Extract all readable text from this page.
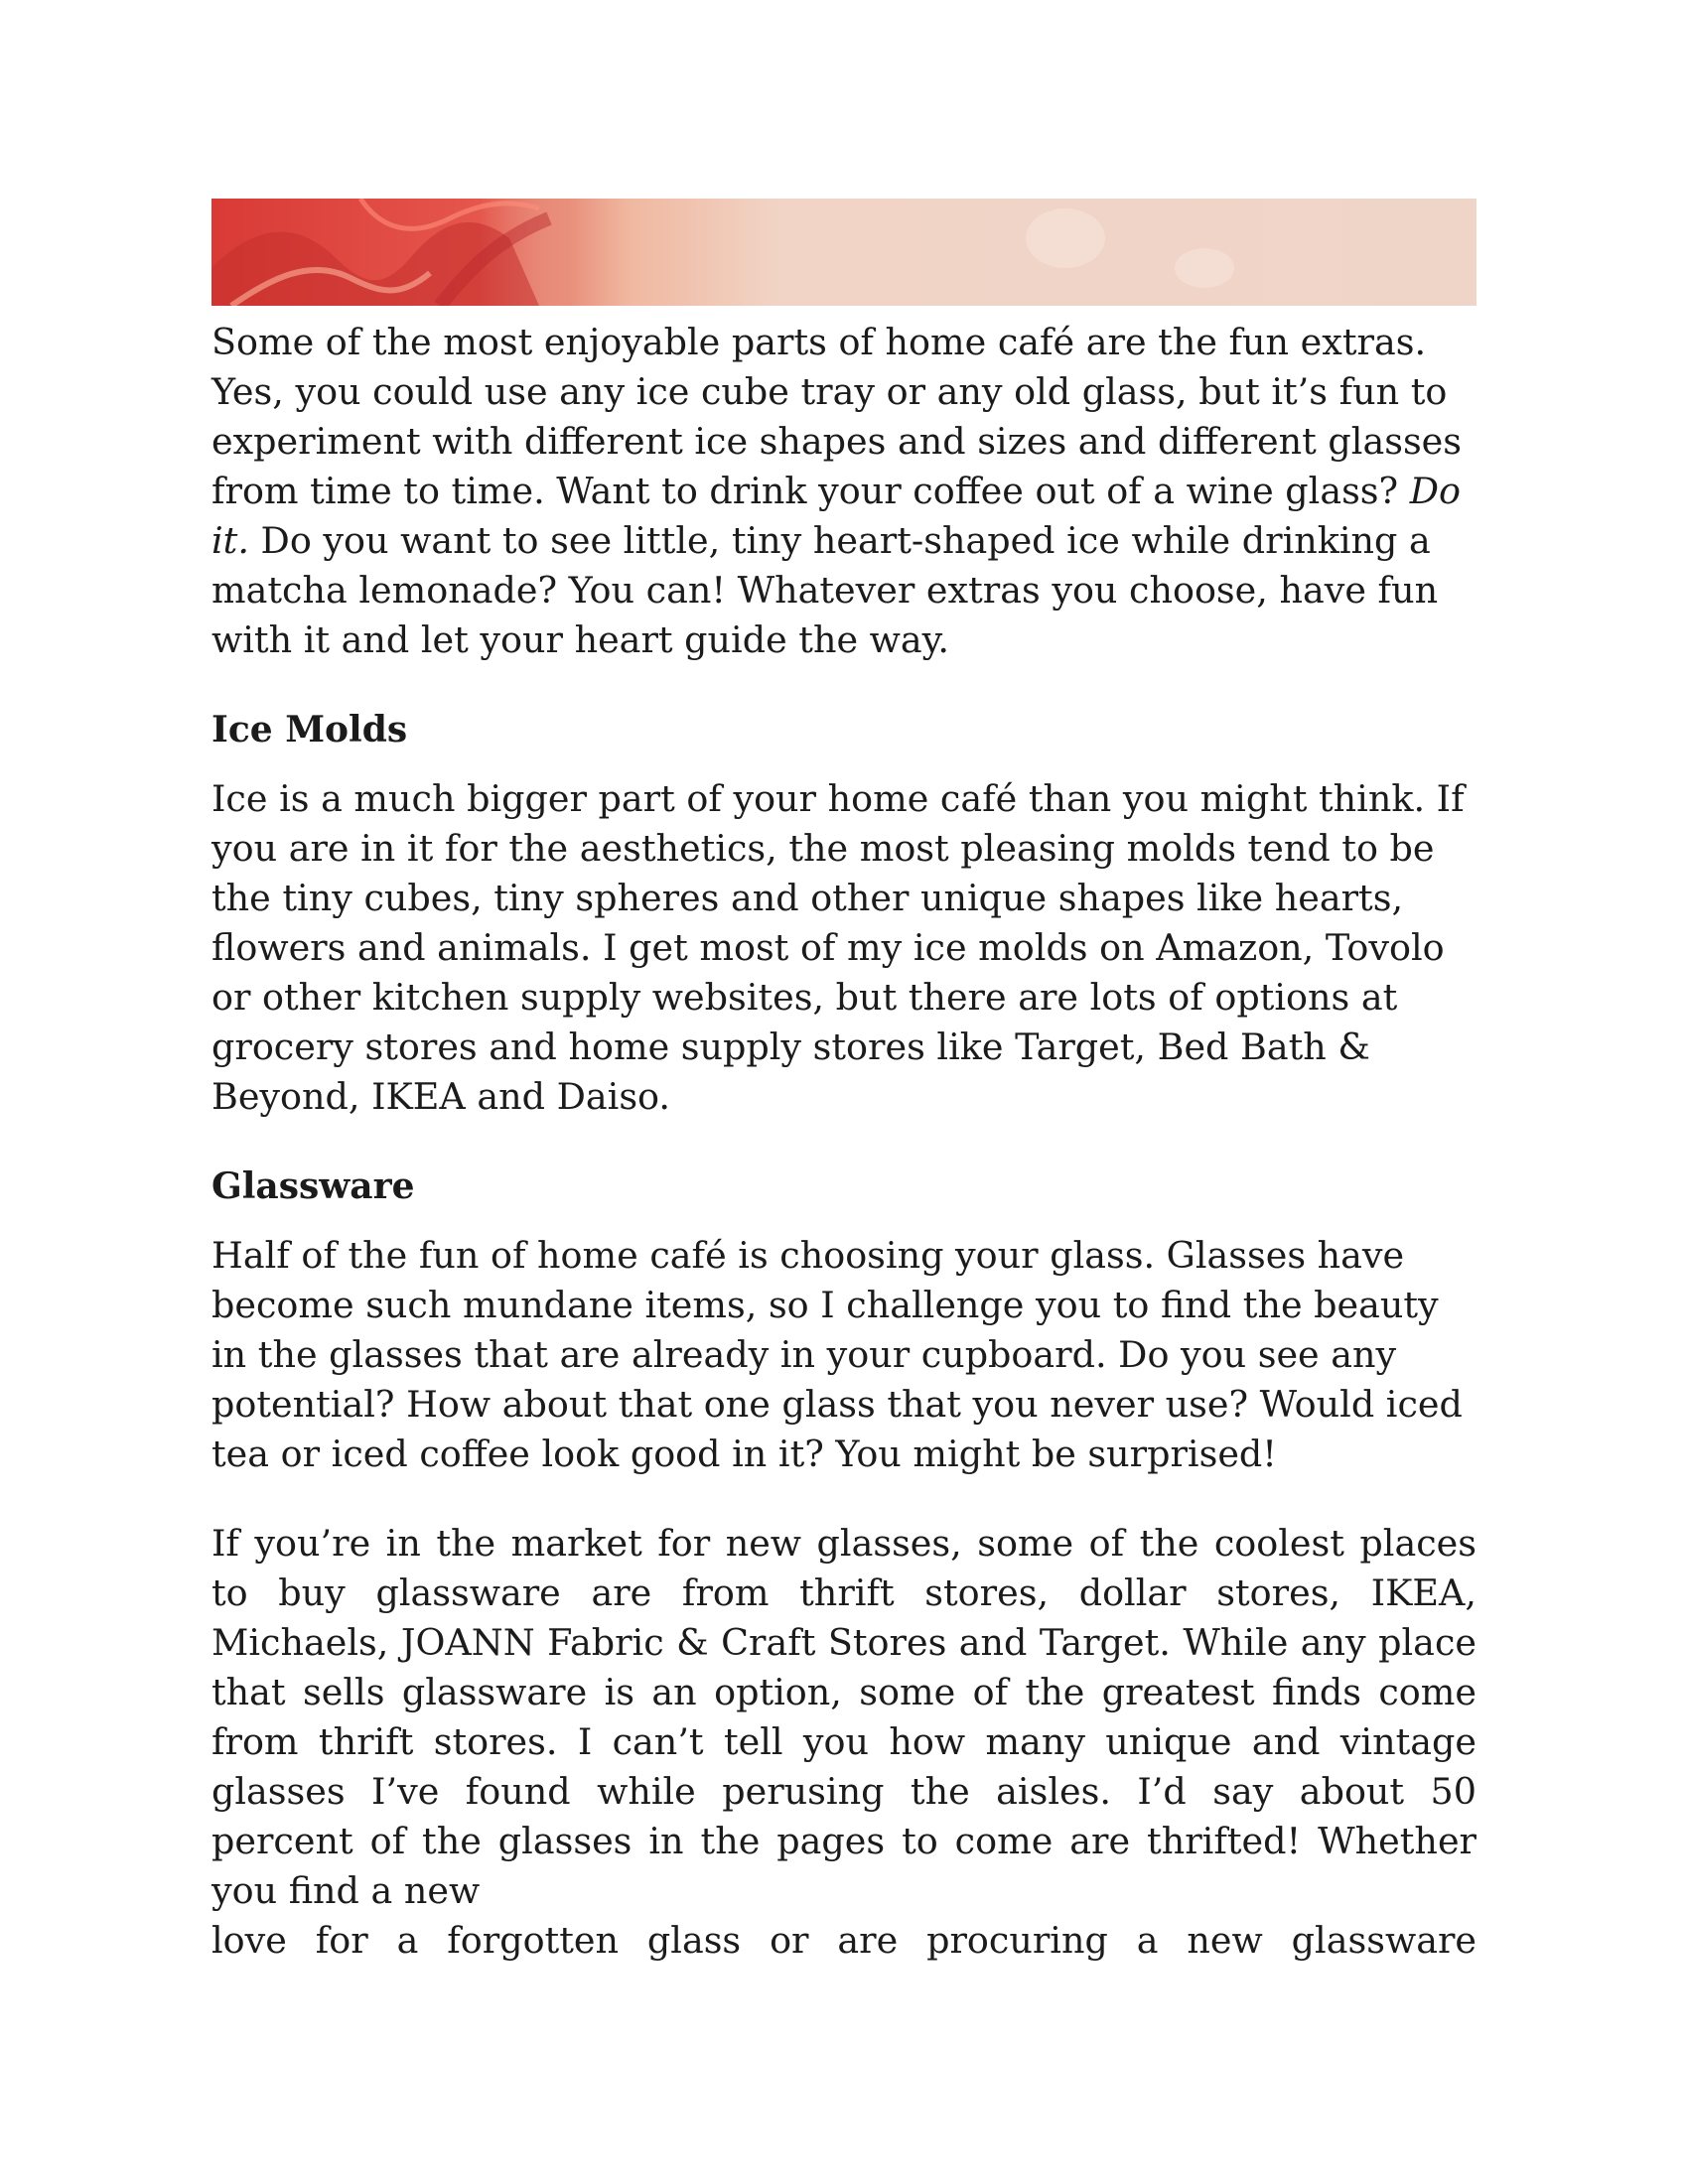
Some of the most enjoyable parts of home café are the fun extras. Yes, you could use any ice cube tray or any old glass, but it’s fun to experiment with different ice shapes and sizes and different glasses from time to time. Want to drink your coffee out of a wine glass? Do it. Do you want to see little, tiny heart-shaped ice while drinking a matcha lemonade? You can! Whatever extras you choose, have fun with it and let your heart guide the way.

Ice Molds

Ice is a much bigger part of your home café than you might think. If you are in it for the aesthetics, the most pleasing molds tend to be the tiny cubes, tiny spheres and other unique shapes like hearts, flowers and animals. I get most of my ice molds on Amazon, Tovolo or other kitchen supply websites, but there are lots of options at grocery stores and home supply stores like Target, Bed Bath & Beyond, IKEA and Daiso.

Glassware

Half of the fun of home café is choosing your glass. Glasses have become such mundane items, so I challenge you to find the beauty in the glasses that are already in your cupboard. Do you see any potential? How about that one glass that you never use? Would iced tea or iced coffee look good in it? You might be surprised!

If you’re in the market for new glasses, some of the coolest places to buy glassware are from thrift stores, dollar stores, IKEA, Michaels, JOANN Fabric & Craft Stores and Target. While any place that sells glassware is an option, some of the greatest finds come from thrift stores. I can’t tell you how many unique and vintage glasses I’ve found while perusing the aisles. I’d say about 50 percent of the glasses in the pages to come are thrifted! Whether you find a new
love for a forgotten glass or are procuring a new glassware
